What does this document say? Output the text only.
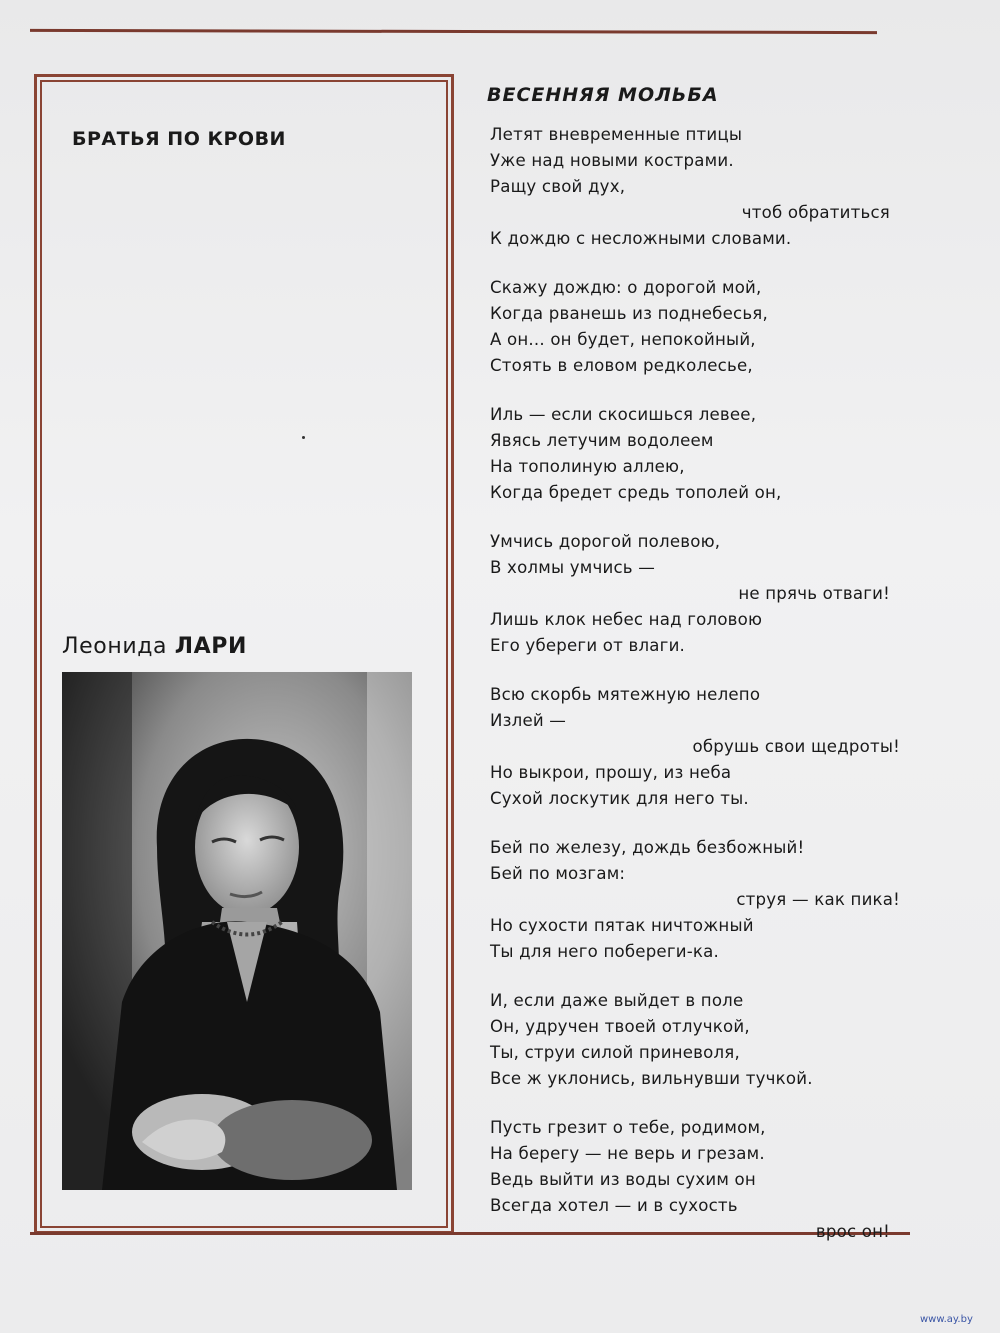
БРАТЬЯ ПО КРОВИ
Леонида ЛАРИ
ВЕСЕННЯЯ МОЛЬБА
Летят вневременные птицы
Уже над новыми кострами.
Ращу свой дух,
чтоб обратиться
К дождю с несложными словами.
Скажу дождю: о дорогой мой,
Когда рванешь из поднебесья,
А он... он будет, непокойный,
Стоять в еловом редколесье,
Иль — если скосишься левее,
Явясь летучим водолеем
На тополиную аллею,
Когда бредет средь тополей он,
Умчись дорогой полевою,
В холмы умчись —
не прячь отваги!
Лишь клок небес над головою
Его убереги от влаги.
Всю скорбь мятежную нелепо
Излей —
обрушь свои щедроты!
Но выкрои, прошу, из неба
Сухой лоскутик для него ты.
Бей по железу, дождь безбожный!
Бей по мозгам:
струя — как пика!
Но сухости пятак ничтожный
Ты для него побереги-ка.
И, если даже выйдет в поле
Он, удручен твоей отлучкой,
Ты, струи силой приневоля,
Все ж уклонись, вильнувши тучкой.
Пусть грезит о тебе, родимом,
На берегу — не верь и грезам.
Ведь выйти из воды сухим он
Всегда хотел — и в сухость
врос он!
www.ay.by
